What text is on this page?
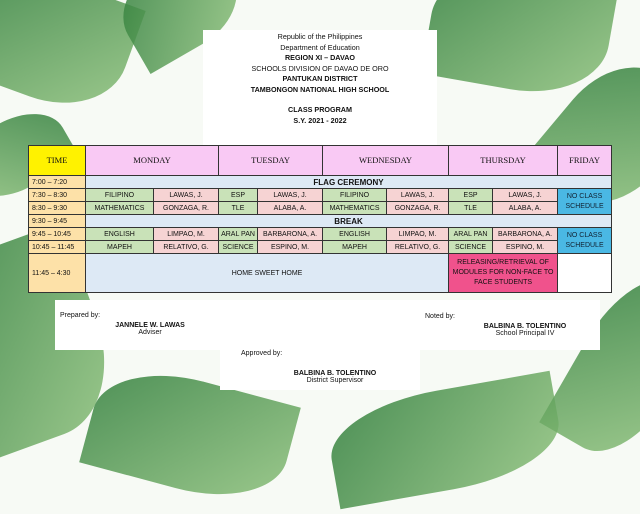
Republic of the Philippines
Department of Education
REGION XI – DAVAO
SCHOOLS DIVISION OF DAVAO DE ORO
PANTUKAN DISTRICT
TAMBONGON NATIONAL HIGH SCHOOL
CLASS PROGRAM
S.Y. 2021 - 2022
TIME	MONDAY		TUESDAY		WEDNESDAY		THURSDAY		FRIDAY
7:00 – 7:20	FLAG CEREMONY								
7:30 – 8:30	FILIPINO	LAWAS, J.	ESP	LAWAS, J.	FILIPINO	LAWAS, J.	ESP	LAWAS, J.	NO CLASS SCHEDULE
8:30 – 9:30	MATHEMATICS	GONZAGA, R.	TLE	ALABA, A.	MATHEMATICS	GONZAGA, R.	TLE	ALABA, A.	
9:30 – 9:45	BREAK								
9:45 – 10:45	ENGLISH	LIMPAO, M.	ARAL PAN	BARBARONA, A.	ENGLISH	LIMPAO, M.	ARAL PAN	BARBARONA, A.	NO CLASS SCHEDULE
10:45 – 11:45	MAPEH	RELATIVO, G.	SCIENCE	ESPINO, M.	MAPEH	RELATIVO, G.	SCIENCE	ESPINO, M.	
11:45 – 4:30	HOME SWEET HOME						RELEASING/RETRIEVAL OF MODULES FOR NON-FACE TO FACE STUDENTS		
Prepared by:
JANNELE W. LAWAS
Adviser
Noted by:
BALBINA B. TOLENTINO
School Principal IV
Approved by:
BALBINA B. TOLENTINO
District Supervisor
